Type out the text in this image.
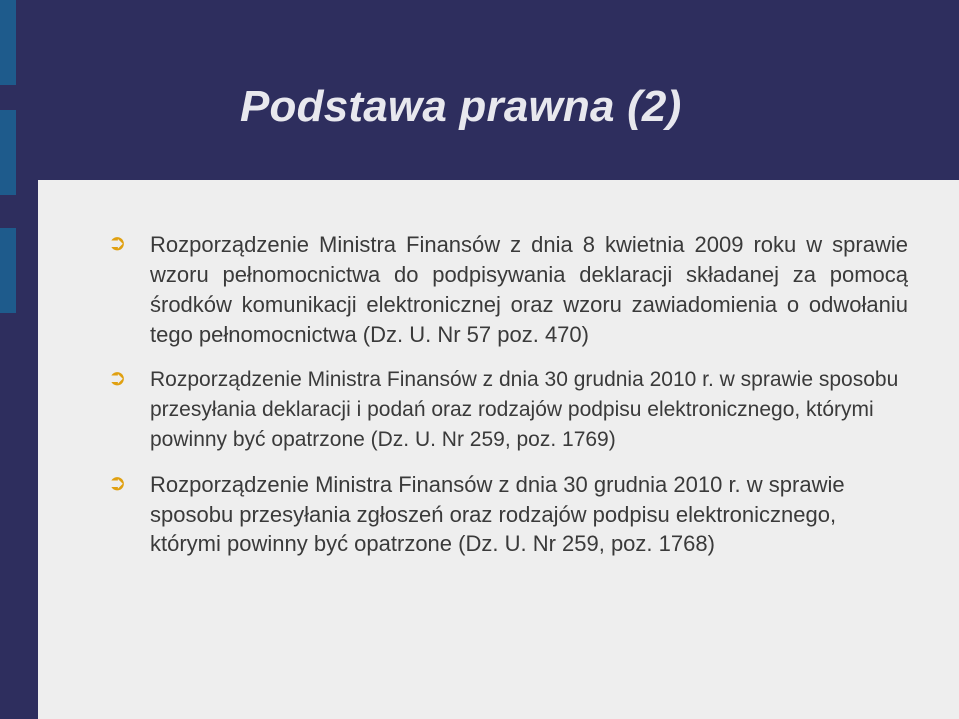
Podstawa prawna (2)
➲ Rozporządzenie Ministra Finansów z dnia 8 kwietnia 2009 roku w sprawie wzoru pełnomocnictwa do podpisywania deklaracji składanej za pomocą środków komunikacji elektronicznej oraz wzoru zawiadomienia o odwołaniu tego pełnomocnictwa (Dz. U. Nr 57 poz. 470)
➲ Rozporządzenie Ministra Finansów z dnia 30 grudnia 2010 r. w sprawie sposobu przesyłania deklaracji i podań oraz rodzajów podpisu elektronicznego, którymi powinny być opatrzone (Dz. U. Nr 259, poz. 1769)
➲ Rozporządzenie Ministra Finansów z dnia 30 grudnia 2010 r. w sprawie sposobu przesyłania zgłoszeń oraz rodzajów podpisu elektronicznego, którymi powinny być opatrzone (Dz. U. Nr 259, poz. 1768)
